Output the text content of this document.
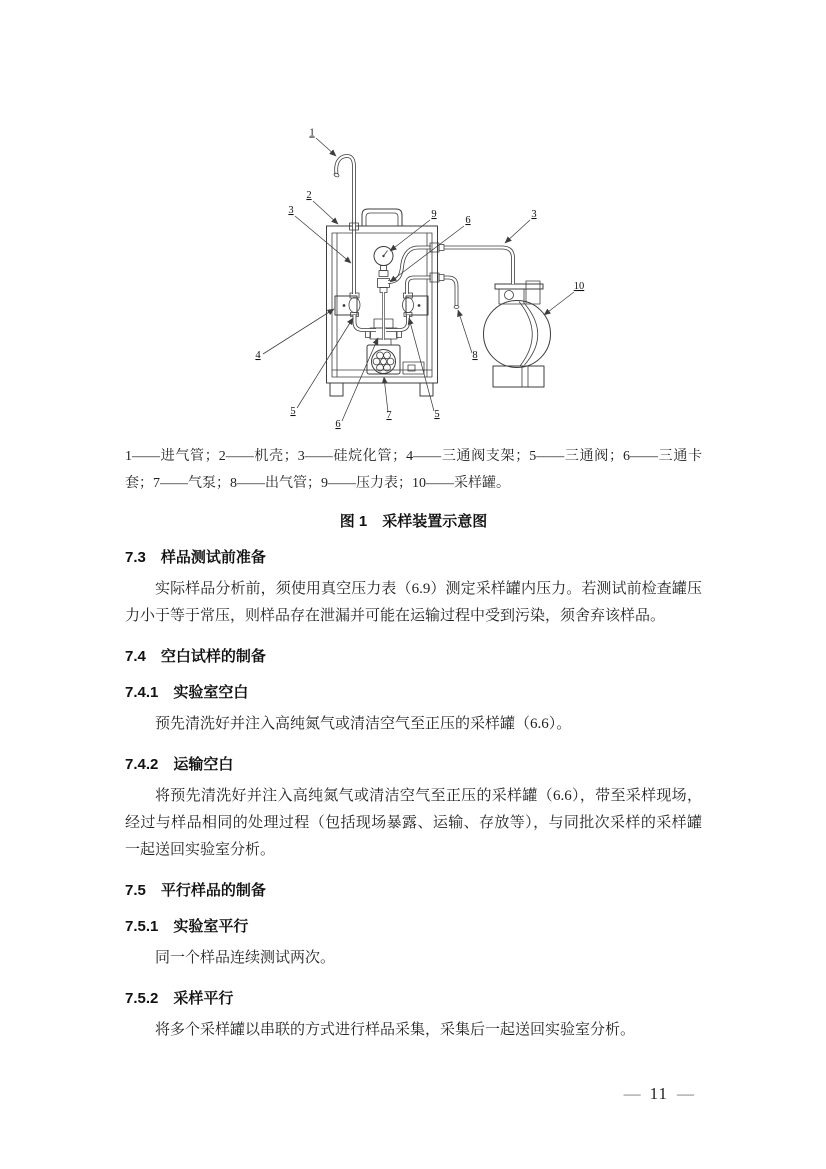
1
2
3	9
6
3
10
4	8
5
6
7	5

1——进气管；2——机壳；3——硅烷化管；4——三通阀支架；5——三通阀；6——三通卡套；7——气泵；8——出气管；9——压力表；10——采样罐。

图 1　采样装置示意图

7.3　样品测试前准备

实际样品分析前，须使用真空压力表（6.9）测定采样罐内压力。若测试前检查罐压力小于等于常压，则样品存在泄漏并可能在运输过程中受到污染，须舍弃该样品。

7.4　空白试样的制备
7.4.1　实验室空白

预先清洗好并注入高纯氮气或清洁空气至正压的采样罐（6.6）。

7.4.2　运输空白

将预先清洗好并注入高纯氮气或清洁空气至正压的采样罐（6.6），带至采样现场，经过与样品相同的处理过程（包括现场暴露、运输、存放等），与同批次采样的采样罐一起送回实验室分析。

7.5　平行样品的制备
7.5.1　实验室平行

同一个样品连续测试两次。

7.5.2　采样平行

将多个采样罐以串联的方式进行样品采集，采集后一起送回实验室分析。

— 11 —
